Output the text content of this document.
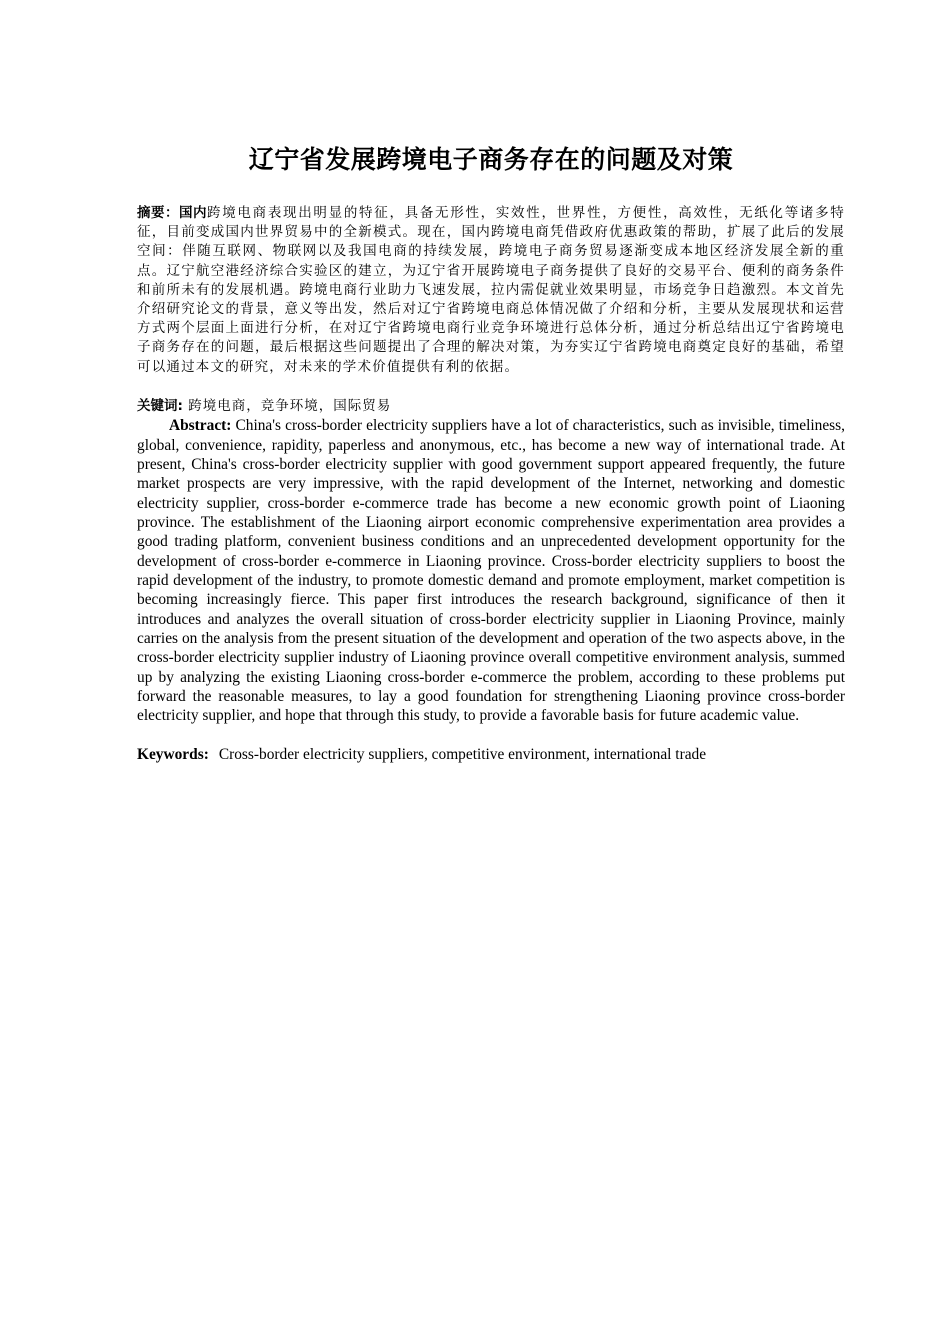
辽宁省发展跨境电子商务存在的问题及对策

摘要：国内跨境电商表现出明显的特征，具备无形性，实效性，世界性，方便性，高效性，无纸化等诸多特征，目前变成国内世界贸易中的全新模式。现在，国内跨境电商凭借政府优惠政策的帮助，扩展了此后的发展空间：伴随互联网、物联网以及我国电商的持续发展，跨境电子商务贸易逐渐变成本地区经济发展全新的重点。辽宁航空港经济综合实验区的建立，为辽宁省开展跨境电子商务提供了良好的交易平台、便利的商务条件和前所未有的发展机遇。跨境电商行业助力飞速发展，拉内需促就业效果明显，市场竞争日趋激烈。本文首先介绍研究论文的背景，意义等出发，然后对辽宁省跨境电商总体情况做了介绍和分析，主要从发展现状和运营方式两个层面上面进行分析，在对辽宁省跨境电商行业竞争环境进行总体分析，通过分析总结出辽宁省跨境电子商务存在的问题，最后根据这些问题提出了合理的解决对策，为夯实辽宁省跨境电商奠定良好的基础，希望可以通过本文的研究，对未来的学术价值提供有利的依据。

关键词: 跨境电商，竞争环境，国际贸易

Abstract: China's cross-border electricity suppliers have a lot of characteristics, such as invisible, timeliness, global, convenience, rapidity, paperless and anonymous, etc., has become a new way of international trade. At present, China's cross-border electricity supplier with good government support appeared frequently, the future market prospects are very impressive, with the rapid development of the Internet, networking and domestic electricity supplier, cross-border e-commerce trade has become a new economic growth point of Liaoning province. The establishment of the Liaoning airport economic comprehensive experimentation area provides a good trading platform, convenient business conditions and an unprecedented development opportunity for the development of cross-border e-commerce in Liaoning province. Cross-border electricity suppliers to boost the rapid development of the industry, to promote domestic demand and promote employment, market competition is becoming increasingly fierce. This paper first introduces the research background, significance of then it introduces and analyzes the overall situation of cross-border electricity supplier in Liaoning Province, mainly carries on the analysis from the present situation of the development and operation of the two aspects above, in the cross-border electricity supplier industry of Liaoning province overall competitive environment analysis, summed up by analyzing the existing Liaoning cross-border e-commerce the problem, according to these problems put forward the reasonable measures, to lay a good foundation for strengthening Liaoning province cross-border electricity supplier, and hope that through this study, to provide a favorable basis for future academic value.

Keywords: Cross-border electricity suppliers, competitive environment, international trade
